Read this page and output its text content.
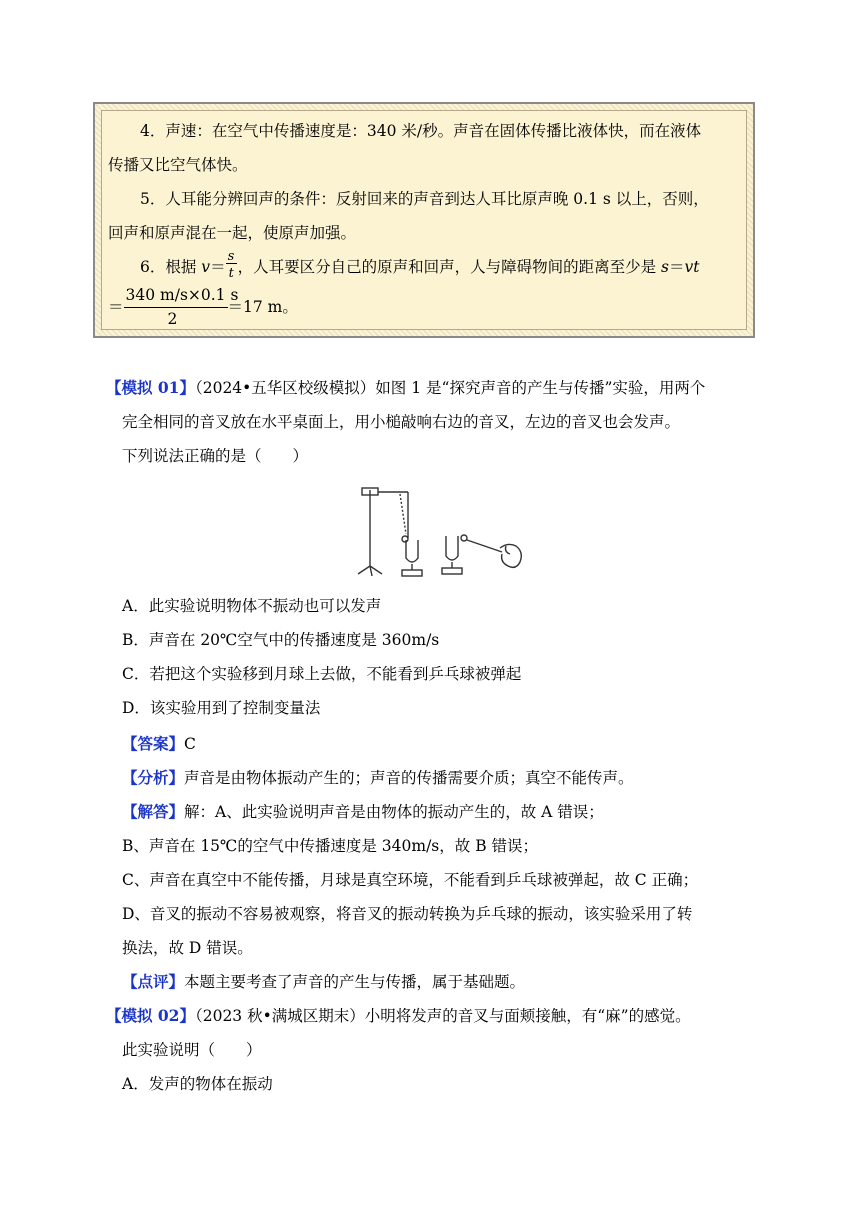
4．声速：在空气中传播速度是：340 米/秒。声音在固体传播比液体快，而在液体
传播又比空气体快。
5．人耳能分辨回声的条件：反射回来的声音到达人耳比原声晚 0.1 s 以上，否则，
回声和原声混在一起，使原声加强。
6．根据 $v= \frac{s}{t}$ ，人耳要区分自己的原声和回声，人与障碍物间的距离至少是 s＝vt
＝ $\frac{340 m/s\times 0.1 s}{2} =17$ m。
【模拟 01】（2024•五华区校级模拟）如图 1 是“探究声音的产生与传播”实验，用两个
完全相同的音叉放在水平桌面上，用小槌敲响右边的音叉，左边的音叉也会发声。
下列说法正确的是（　　）
A．此实验说明物体不振动也可以发声
B．声音在 20℃空气中的传播速度是 360m/s
C．若把这个实验移到月球上去做，不能看到乒乓球被弹起
D．该实验用到了控制变量法
【答案】C
【分析】声音是由物体振动产生的；声音的传播需要介质；真空不能传声。
【解答】解：A、此实验说明声音是由物体的振动产生的，故 A 错误；
B、声音在 15℃的空气中传播速度是 340m/s，故 B 错误；
C、声音在真空中不能传播，月球是真空环境，不能看到乒乓球被弹起，故 C 正确；
D、音叉的振动不容易被观察，将音叉的振动转换为乒乓球的振动，该实验采用了转
换法，故 D 错误。
【点评】本题主要考查了声音的产生与传播，属于基础题。
【模拟 02】（2023 秋•满城区期末）小明将发声的音叉与面颊接触，有“麻”的感觉。
此实验说明（　　）
A．发声的物体在振动
